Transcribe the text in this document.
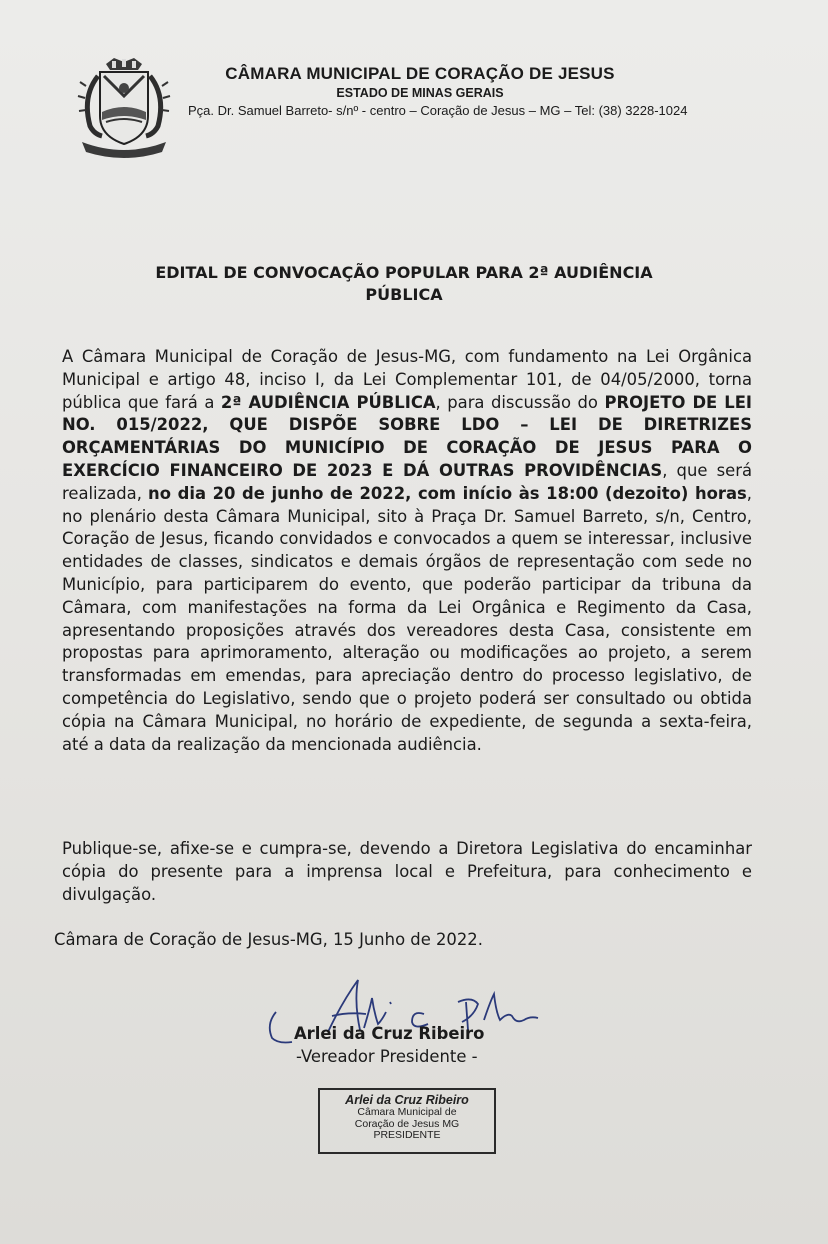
CÂMARA MUNICIPAL DE CORAÇÃO DE JESUS
ESTADO DE MINAS GERAIS
Pça. Dr. Samuel Barreto- s/nº - centro – Coração de Jesus – MG – Tel: (38) 3228-1024
EDITAL DE CONVOCAÇÃO POPULAR PARA 2ª AUDIÊNCIA
PÚBLICA

A Câmara Municipal de Coração de Jesus-MG, com fundamento na Lei Orgânica Municipal e artigo 48, inciso I, da Lei Complementar 101, de 04/05/2000, torna pública que fará a 2ª AUDIÊNCIA PÚBLICA, para discussão do PROJETO DE LEI NO. 015/2022, QUE DISPÕE SOBRE LDO – LEI DE DIRETRIZES ORÇAMENTÁRIAS DO MUNICÍPIO DE CORAÇÃO DE JESUS PARA O EXERCÍCIO FINANCEIRO DE 2023 E DÁ OUTRAS PROVIDÊNCIAS, que será realizada, no dia 20 de junho de 2022, com início às 18:00 (dezoito) horas, no plenário desta Câmara Municipal, sito à Praça Dr. Samuel Barreto, s/n, Centro, Coração de Jesus, ficando convidados e convocados a quem se interessar, inclusive entidades de classes, sindicatos e demais órgãos de representação com sede no Município, para participarem do evento, que poderão participar da tribuna da Câmara, com manifestações na forma da Lei Orgânica e Regimento da Casa, apresentando proposições através dos vereadores desta Casa, consistente em propostas para aprimoramento, alteração ou modificações ao projeto, a serem transformadas em emendas, para apreciação dentro do processo legislativo, de competência do Legislativo, sendo que o projeto poderá ser consultado ou obtida cópia na Câmara Municipal, no horário de expediente, de segunda a sexta-feira, até a data da realização da mencionada audiência.

Publique-se, afixe-se e cumpra-se, devendo a Diretora Legislativa do encaminhar cópia do presente para a imprensa local e Prefeitura, para conhecimento e divulgação.

Câmara de Coração de Jesus-MG, 15 Junho de 2022.
Arlei da Cruz Ribeiro
-Vereador Presidente -
Arlei da Cruz Ribeiro
Câmara Municipal de
Coração de Jesus MG
PRESIDENTE
